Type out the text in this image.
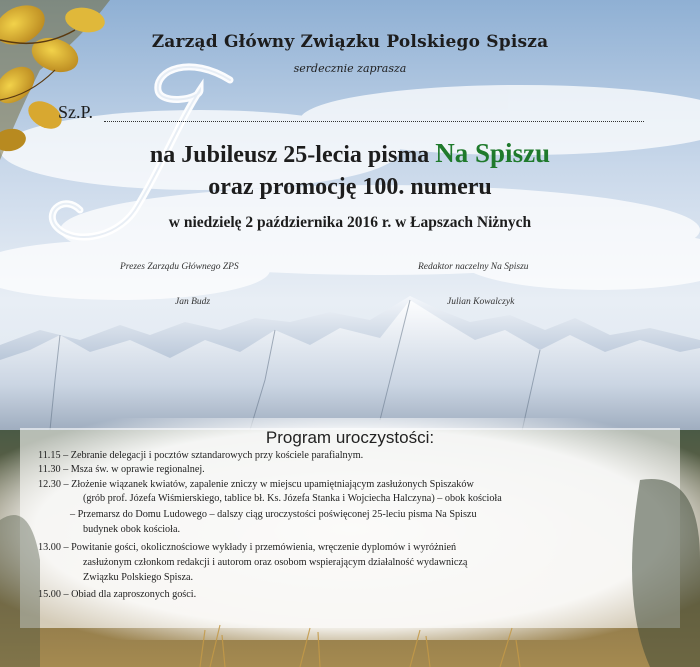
Zarząd Główny Związku Polskiego Spisza
serdecznie zaprasza
Sz.P.
na Jubileusz 25-lecia pisma Na Spiszu
oraz promocję 100. numeru
w niedzielę 2 października 2016 r. w Łapszach Niżnych
Prezes Zarządu Głównego ZPS	Redaktor naczelny Na Spiszu
Jan Budz	Julian Kowalczyk
Program uroczystości:
11.15 – Zebranie delegacji i pocztów sztandarowych przy kościele parafialnym.
11.30 – Msza św. w oprawie regionalnej.
12.30 – Złożenie wiązanek kwiatów, zapalenie zniczy w miejscu upamiętniającym zasłużonych Spiszaków
(grób prof. Józefa Wiśmierskiego, tablice bł. Ks. Józefa Stanka i Wojciecha Halczyna) – obok kościoła
– Przemarsz do Domu Ludowego – dalszy ciąg uroczystości poświęconej 25-leciu pisma Na Spiszu
budynek obok kościoła.
13.00 – Powitanie gości, okolicznościowe wykłady i przemówienia, wręczenie dyplomów i wyróżnień
zasłużonym członkom redakcji i autorom oraz osobom wspierającym działalność wydawniczą
Związku Polskiego Spisza.
15.00 – Obiad dla zaproszonych gości.
